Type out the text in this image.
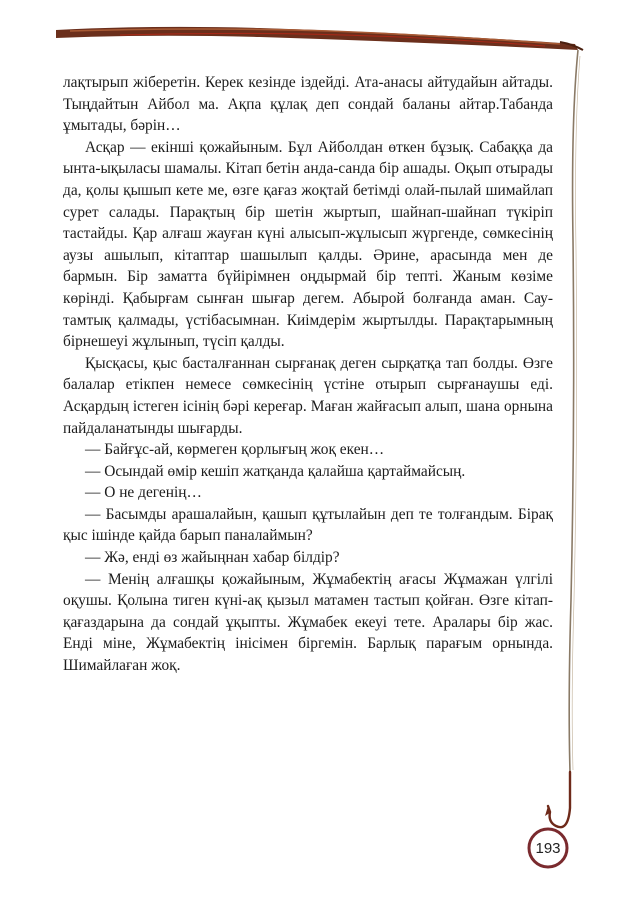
лақтырып жіберетін. Керек кезінде іздейді. Ата-анасы айтудайын айтады. Тыңдайтын Айбол ма. Ақпа құлақ деп сондай баланы айтар.Табанда ұмытады, бәрін…

Асқар — екінші қожайыным. Бұл Айболдан өткен бұзық. Сабаққа да ынта-ықыласы шамалы. Кітап бетін анда-санда бір ашады. Оқып отырады да, қолы қышып кете ме, өзге қағаз жоқтай бетімді олай-пылай шимайлап сурет салады. Парақтың бір шетін жыртып, шайнап-шайнап түкіріп тастайды. Қар алғаш жауған күні алысып-жұлысып жүргенде, сөмкесінің аузы ашылып, кітаптар шашылып қалды. Әрине, арасында мен де бармын. Бір заматта бүйірімнен оңдырмай бір тепті. Жаным көзіме көрінді. Қабырғам сынған шығар дегем. Абырой болғанда аман. Сау-тамтық қалмады, үстібасымнан. Киімдерім жыртылды. Парақтарымның бірнешеуі жұлынып, түсіп қалды.

Қысқасы, қыс басталғаннан сырғанақ деген сырқатқа тап болды. Өзге балалар етікпен немесе сөмкесінің үстіне отырып сырғанаушы еді. Асқардың істеген ісінің бәрі кереғар. Маған жайғасып алып, шана орнына пайдаланатынды шығарды.

— Байғұс-ай, көрмеген қорлығың жоқ екен…

— Осындай өмір кешіп жатқанда қалайша қартаймайсың.

— О не дегенің…

— Басымды арашалайын, қашып құтылайын деп те толғандым. Бірақ қыс ішінде қайда барып паналаймын?

— Жә, енді өз жайыңнан хабар білдір?

— Менің алғашқы қожайыным, Жұмабектің ағасы Жұмажан үлгілі оқушы. Қолына тиген күні-ақ қызыл матамен тастып қойған. Өзге кітап-қағаздарына да сондай ұқыпты. Жұмабек екеуі тете. Аралары бір жас. Енді міне, Жұмабектің інісімен біргемін. Барлық парағым орнында. Шимайлаған жоқ.

193
